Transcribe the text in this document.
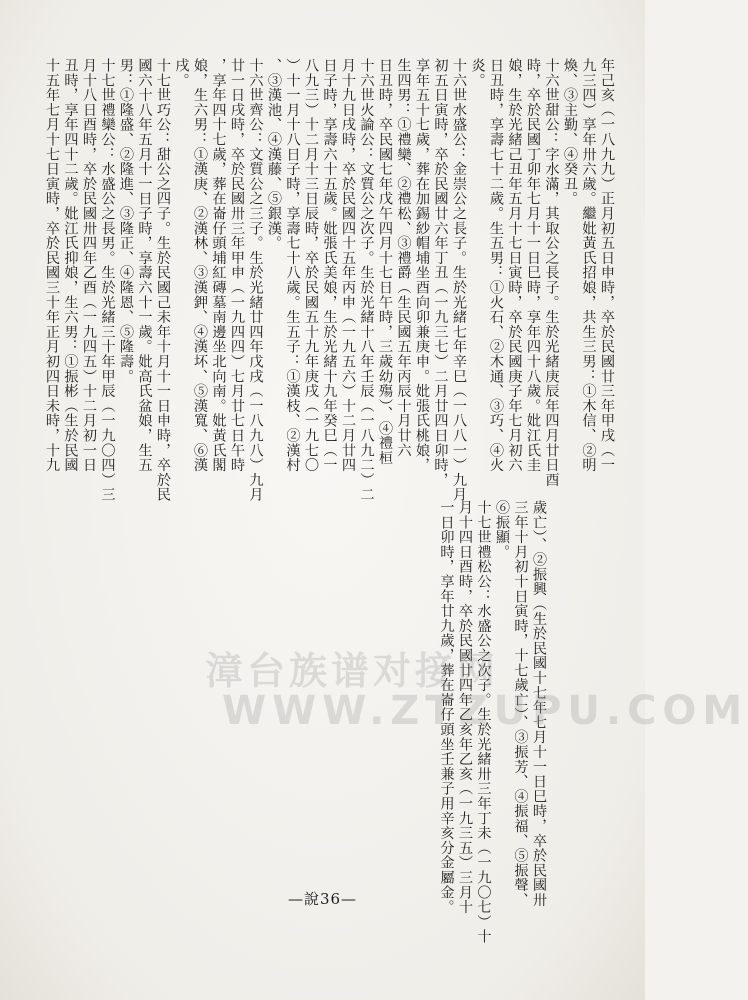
年己亥（一八九九）正月初五日申時，卒於民國廿三年甲戌（一
九三四）享年卅六歲。繼妣黃氏招娘，共生三男：①木信、②明
煥、③主勤、④癸丑。
十六世甜公：字水滿，其取公之長子。生於光緒庚辰年四月廿日酉
時，卒於民國丁卯年七月十一日巳時，享年四十八歲。妣江氏圭
娘，生於光緒己丑年五月十七日寅時，卒於民國庚子年七月初六
日丑時，享壽七十二歲。生五男：①火石、②木通、③巧、④火
炎。
十六世水盛公：金崇公之長子。生於光緒七年辛巳（一八八一）九月
初五日寅時，卒於民國廿六年丁丑（一九三七）二月廿四日卯時，
享年五十七歲，葬在加錫紗帽埔坐酉向卯兼庚申。妣張氏桃娘，
生四男：①禮欒、②禮松、③禮爵（生民國五年丙辰十月廿六
日丑時，卒民國七年戊午四月十七日午時，三歲幼殤）、④禮桓
十六世火論公：文質公之次子。生於光緒十八年壬辰（一八九二）二
月十九日戌時，卒於民國四十五年丙申（一九五六）十二月廿四
日子時，享壽六十五歲。妣張氏美娘，生於光緒十九年癸巳（一
八九三）十二月十三日辰時，卒於民國五十九年庚戌（一九七〇
）十一月十八日子時，享壽七十八歲。生五子：①漢枝、②漢村
、③漢池、④漢藤、⑤銀漢。
十六世齊公：文質公之三子。生於光緒廿四年戊戌（一八九八）九月
廿一日戌時，卒於民國卅三年甲申（一九四四）七月廿七日午時
，享年四十七歲，葬在崙仔頭埔紅磚墓南邊坐北向南。妣黃氏閣
娘，生六男：①漢庚、②漢林、③漢鉀、④漢坏、⑤漢寬、⑥漢
戌。
十七世巧公：甜公之四子。生於民國己未年十月十一日申時，卒於民
國六十八年五月十一日子時，享壽六十一歲。妣高氏盆娘，生五
男：①隆盛、②隆進、③隆正、④隆恩、⑤隆壽。
十七世禮欒公：水盛公之長男。生於光緒三十年甲辰（一九〇四）三
月十八日酉時，卒於民國卅四年乙酉（一九四五）十二月初一日
丑時，享年四十二歲。妣江氏抑娘，生六男：①振彬（生於民國
十五年七月十七日寅時，卒於民國三十年正月初四日未時，十九
歲亡）、②振興（生於民國十七年七月十一日巳時，卒於民國卅
三年十月初十日寅時，十七歲亡）、③振芳、④振福、⑤振聲、
⑥振顯。
十七世禮松公：水盛公之次子。生於光緒卅三年丁未（一九〇七）十
月十四日酉時，卒於民國廿四年乙亥年乙亥（一九三五）三月十
一日卯時，享年廿九歲，葬在崙仔頭坐壬兼子用辛亥分金屬金。
漳台族谱对接网
WWW.ZTZUPU.COM
—說36—
